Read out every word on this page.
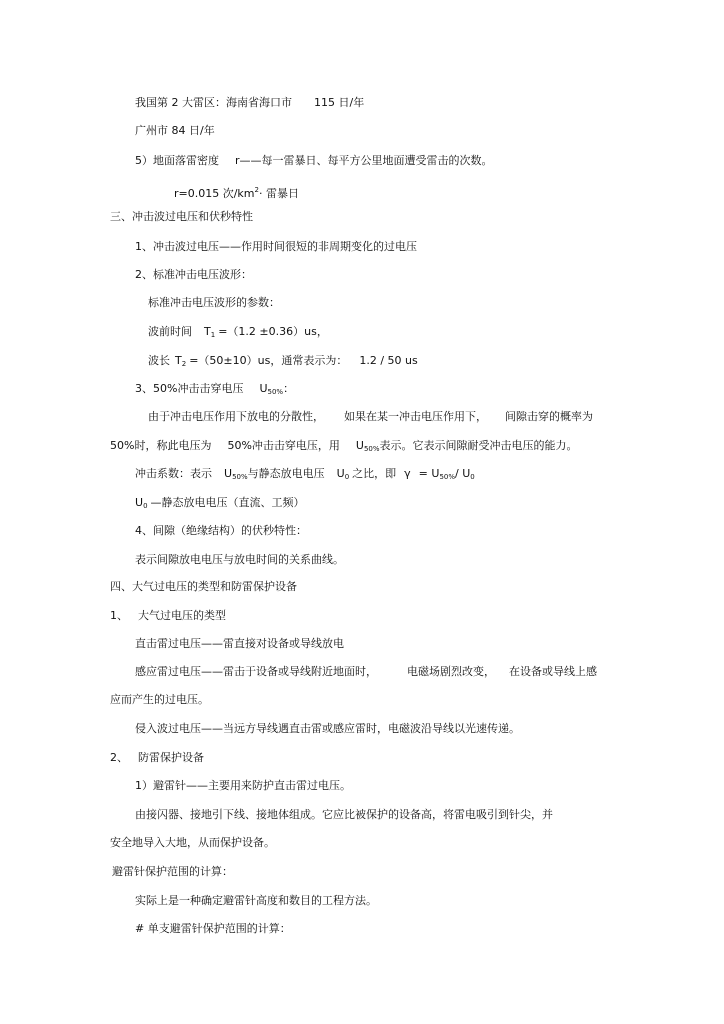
我国第 2 大雷区：海南省海口市 115 日/年
广州市 84 日/年
5）地面落雷密度 r——每一雷暴日、每平方公里地面遭受雷击的次数。
r=0.015 次$/km^2\cdot$ 雷暴日
三、冲击波过电压和伏秒特性
1、冲击波过电压——作用时间很短的非周期变化的过电压
2、标准冲击电压波形：
标准冲击电压波形的参数：
波前时间 $T_1 =(1.2 \pm 0.36)us$，
波长 $T_2 =(50\pm 10)us$，通常表示为： 1.2 / 50 us
3、50%冲击击穿电压 $U_{50\%}$：
由于冲击电压作用下放电的分散性， 如果在某一冲击电压作用下， 间隙击穿的概率为
50%时，称此电压为 50%冲击击穿电压，用 $U_{50\%}$表示。它表示间隙耐受冲击电压的能力。
冲击系数：表示 $U_{50\%}$与静态放电电压 $U_0$ 之比，即 $\gamma = U_{50\%}/$ $U_0$
$U_0$ —静态放电电压（直流、工频）
4、间隙（绝缘结构）的伏秒特性：
表示间隙放电电压与放电时间的关系曲线。
四、大气过电压的类型和防雷保护设备
1、 大气过电压的类型
直击雷过电压——雷直接对设备或导线放电
感应雷过电压——雷击于设备或导线附近地面时，	电磁场剧烈改变， 在设备或导线上感
应而产生的过电压。
侵入波过电压——当远方导线遇直击雷或感应雷时，电磁波沿导线以光速传递。
2、 防雷保护设备
1）避雷针——主要用来防护直击雷过电压。
由接闪器、接地引下线、接地体组成。它应比被保护的设备高，将雷电吸引到针尖，并
安全地导入大地，从而保护设备。
避雷针保护范围的计算：
实际上是一种确定避雷针高度和数目的工程方法。
# 单支避雷针保护范围的计算：
